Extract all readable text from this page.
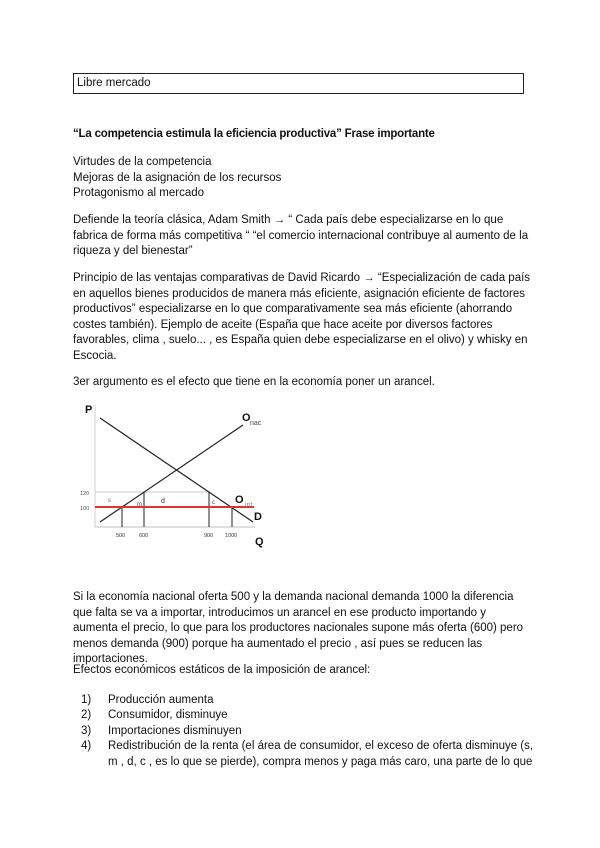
Libre mercado
“La competencia estimula la eficiencia productiva” Frase importante

Virtudes de la competencia

Mejoras de la asignación de los recursos

Protagonismo al mercado

Defiende la teoría clásica, Adam Smith → “ Cada país debe especializarse en lo que fabrica de forma más competitiva “ “el comercio internacional contribuye al aumento de la riqueza y del bienestar”
Principio de las ventajas comparativas de David Ricardo → “Especialización de cada país en aquellos bienes producidos de manera más eficiente, asignación eficiente de factores productivos” especializarse en lo que comparativamente sea más eficiente (ahorrando costes también). Ejemplo de aceite (España que hace aceite por diversos factores favorables, clima , suelo... , es España quien debe especializarse en el olivo) y whisky en Escocia.
3er argumento es el efecto que tiene en la economía poner un arancel.
P
Q
120
100
500	600	900 1000
s
m	d	c
O nac
O int
D
Si la economía nacional oferta 500 y la demanda nacional demanda 1000 la diferencia que falta se va a importar, introducimos un arancel en ese producto importando y aumenta el precio, lo que para los productores nacionales supone más oferta (600) pero menos demanda (900) porque ha aumentado el precio , así pues se reducen las importaciones.
Efectos económicos estáticos de la imposición de arancel:
1) Producción aumenta
2) Consumidor, disminuye
3) Importaciones disminuyen
4) Redistribución de la renta (el área de consumidor, el exceso de oferta disminuye (s, m , d, c , es lo que se pierde), compra menos y paga más caro, una parte de lo que
